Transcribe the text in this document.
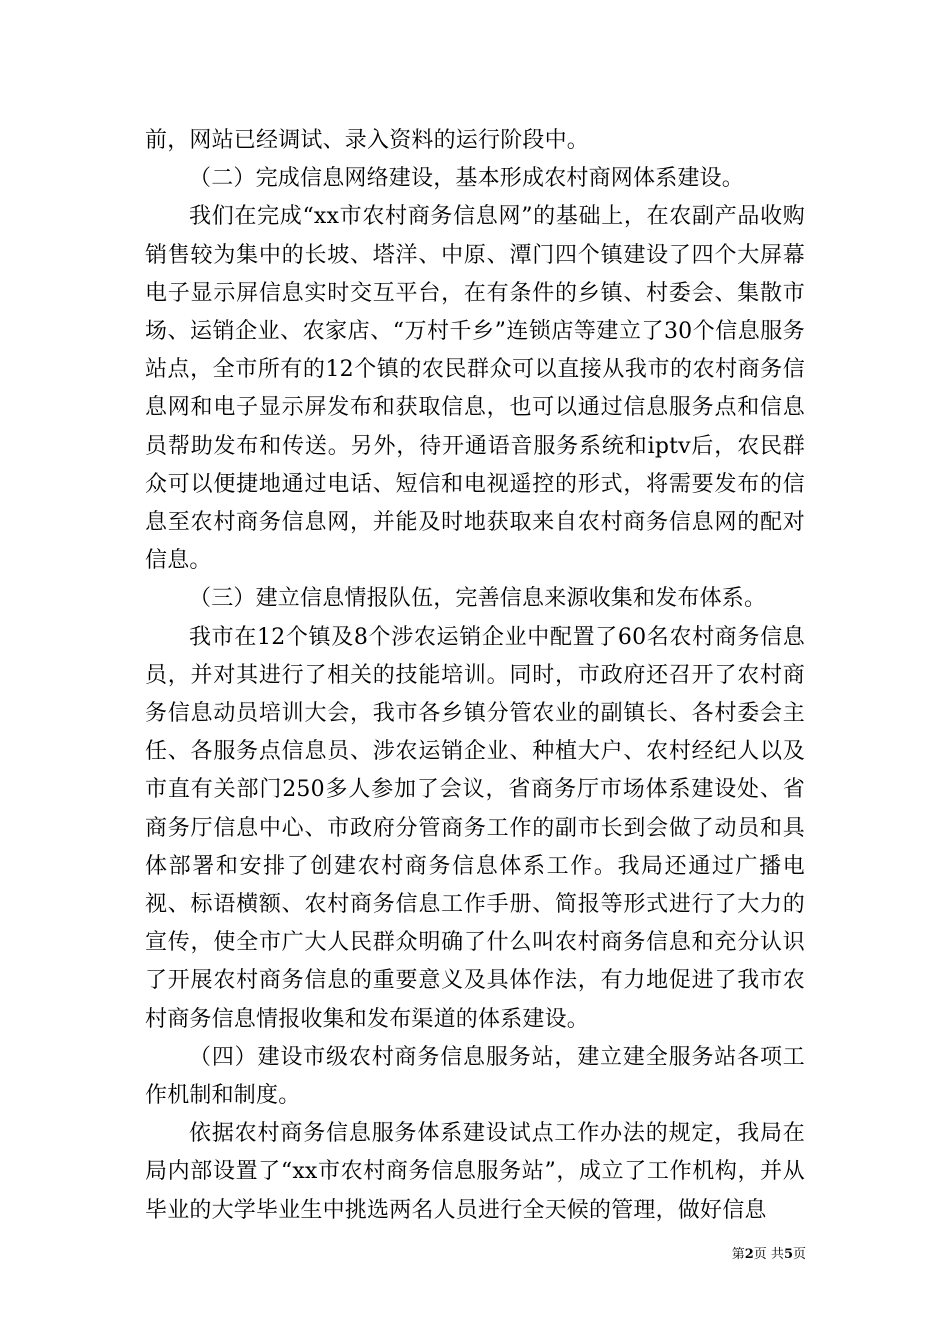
前，网站已经调试、录入资料的运行阶段中。

（二）完成信息网络建设，基本形成农村商网体系建设。

我们在完成“xx市农村商务信息网”的基础上，在农副产品收购销售较为集中的长坡、塔洋、中原、潭门四个镇建设了四个大屏幕电子显示屏信息实时交互平台，在有条件的乡镇、村委会、集散市场、运销企业、农家店、“万村千乡”连锁店等建立了30个信息服务站点，全市所有的12个镇的农民群众可以直接从我市的农村商务信息网和电子显示屏发布和获取信息，也可以通过信息服务点和信息员帮助发布和传送。另外，待开通语音服务系统和iptv后，农民群众可以便捷地通过电话、短信和电视遥控的形式，将需要发布的信息至农村商务信息网，并能及时地获取来自农村商务信息网的配对信息。

（三）建立信息情报队伍，完善信息来源收集和发布体系。

我市在12个镇及8个涉农运销企业中配置了60名农村商务信息员，并对其进行了相关的技能培训。同时，市政府还召开了农村商务信息动员培训大会，我市各乡镇分管农业的副镇长、各村委会主任、各服务点信息员、涉农运销企业、种植大户、农村经纪人以及市直有关部门250多人参加了会议，省商务厅市场体系建设处、省商务厅信息中心、市政府分管商务工作的副市长到会做了动员和具体部署和安排了创建农村商务信息体系工作。我局还通过广播电视、标语横额、农村商务信息工作手册、简报等形式进行了大力的宣传，使全市广大人民群众明确了什么叫农村商务信息和充分认识了开展农村商务信息的重要意义及具体作法，有力地促进了我市农村商务信息情报收集和发布渠道的体系建设。

（四）建设市级农村商务信息服务站，建立建全服务站各项工作机制和制度。

依据农村商务信息服务体系建设试点工作办法的规定，我局在局内部设置了“xx市农村商务信息服务站”，成立了工作机构，并从毕业的大学毕业生中挑选两名人员进行全天候的管理，做好信息

第2页 共5页
